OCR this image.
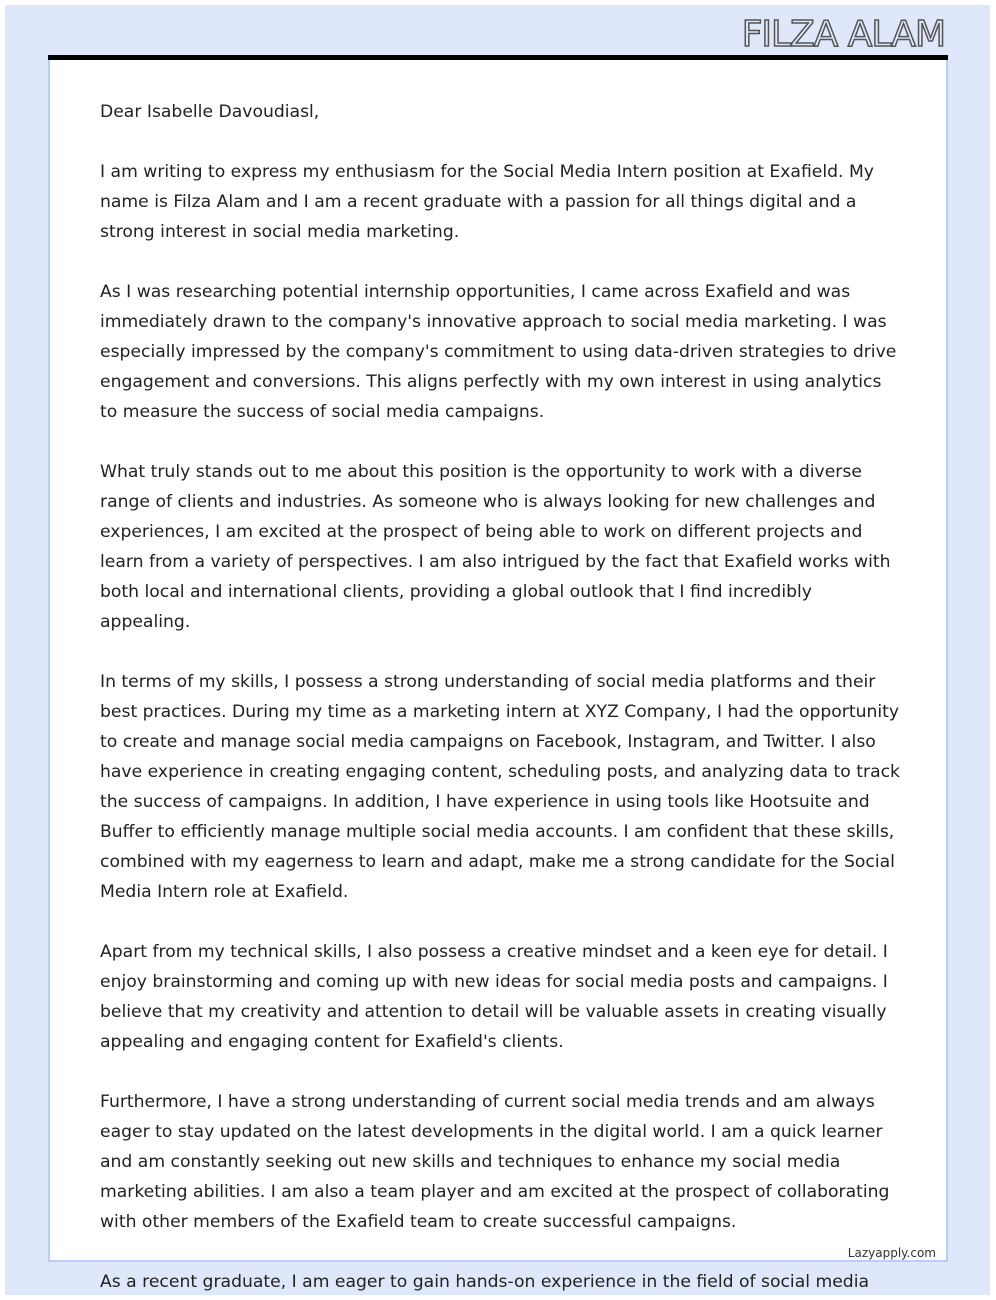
FILZA ALAM
Lazyapply.com

Dear Isabelle Davoudiasl,

I am writing to express my enthusiasm for the Social Media Intern position at Exafield. My name is Filza Alam and I am a recent graduate with a passion for all things digital and a strong interest in social media marketing.

As I was researching potential internship opportunities, I came across Exafield and was immediately drawn to the company's innovative approach to social media marketing. I was especially impressed by the company's commitment to using data-driven strategies to drive engagement and conversions. This aligns perfectly with my own interest in using analytics to measure the success of social media campaigns.

What truly stands out to me about this position is the opportunity to work with a diverse range of clients and industries. As someone who is always looking for new challenges and experiences, I am excited at the prospect of being able to work on different projects and learn from a variety of perspectives. I am also intrigued by the fact that Exafield works with both local and international clients, providing a global outlook that I find incredibly appealing.

In terms of my skills, I possess a strong understanding of social media platforms and their best practices. During my time as a marketing intern at XYZ Company, I had the opportunity to create and manage social media campaigns on Facebook, Instagram, and Twitter. I also have experience in creating engaging content, scheduling posts, and analyzing data to track the success of campaigns. In addition, I have experience in using tools like Hootsuite and Buffer to efficiently manage multiple social media accounts. I am confident that these skills, combined with my eagerness to learn and adapt, make me a strong candidate for the Social Media Intern role at Exafield.

Apart from my technical skills, I also possess a creative mindset and a keen eye for detail. I enjoy brainstorming and coming up with new ideas for social media posts and campaigns. I believe that my creativity and attention to detail will be valuable assets in creating visually appealing and engaging content for Exafield's clients.

Furthermore, I have a strong understanding of current social media trends and am always eager to stay updated on the latest developments in the digital world. I am a quick learner and am constantly seeking out new skills and techniques to enhance my social media marketing abilities. I am also a team player and am excited at the prospect of collaborating with other members of the Exafield team to create successful campaigns.

As a recent graduate, I am eager to gain hands-on experience in the field of social media
